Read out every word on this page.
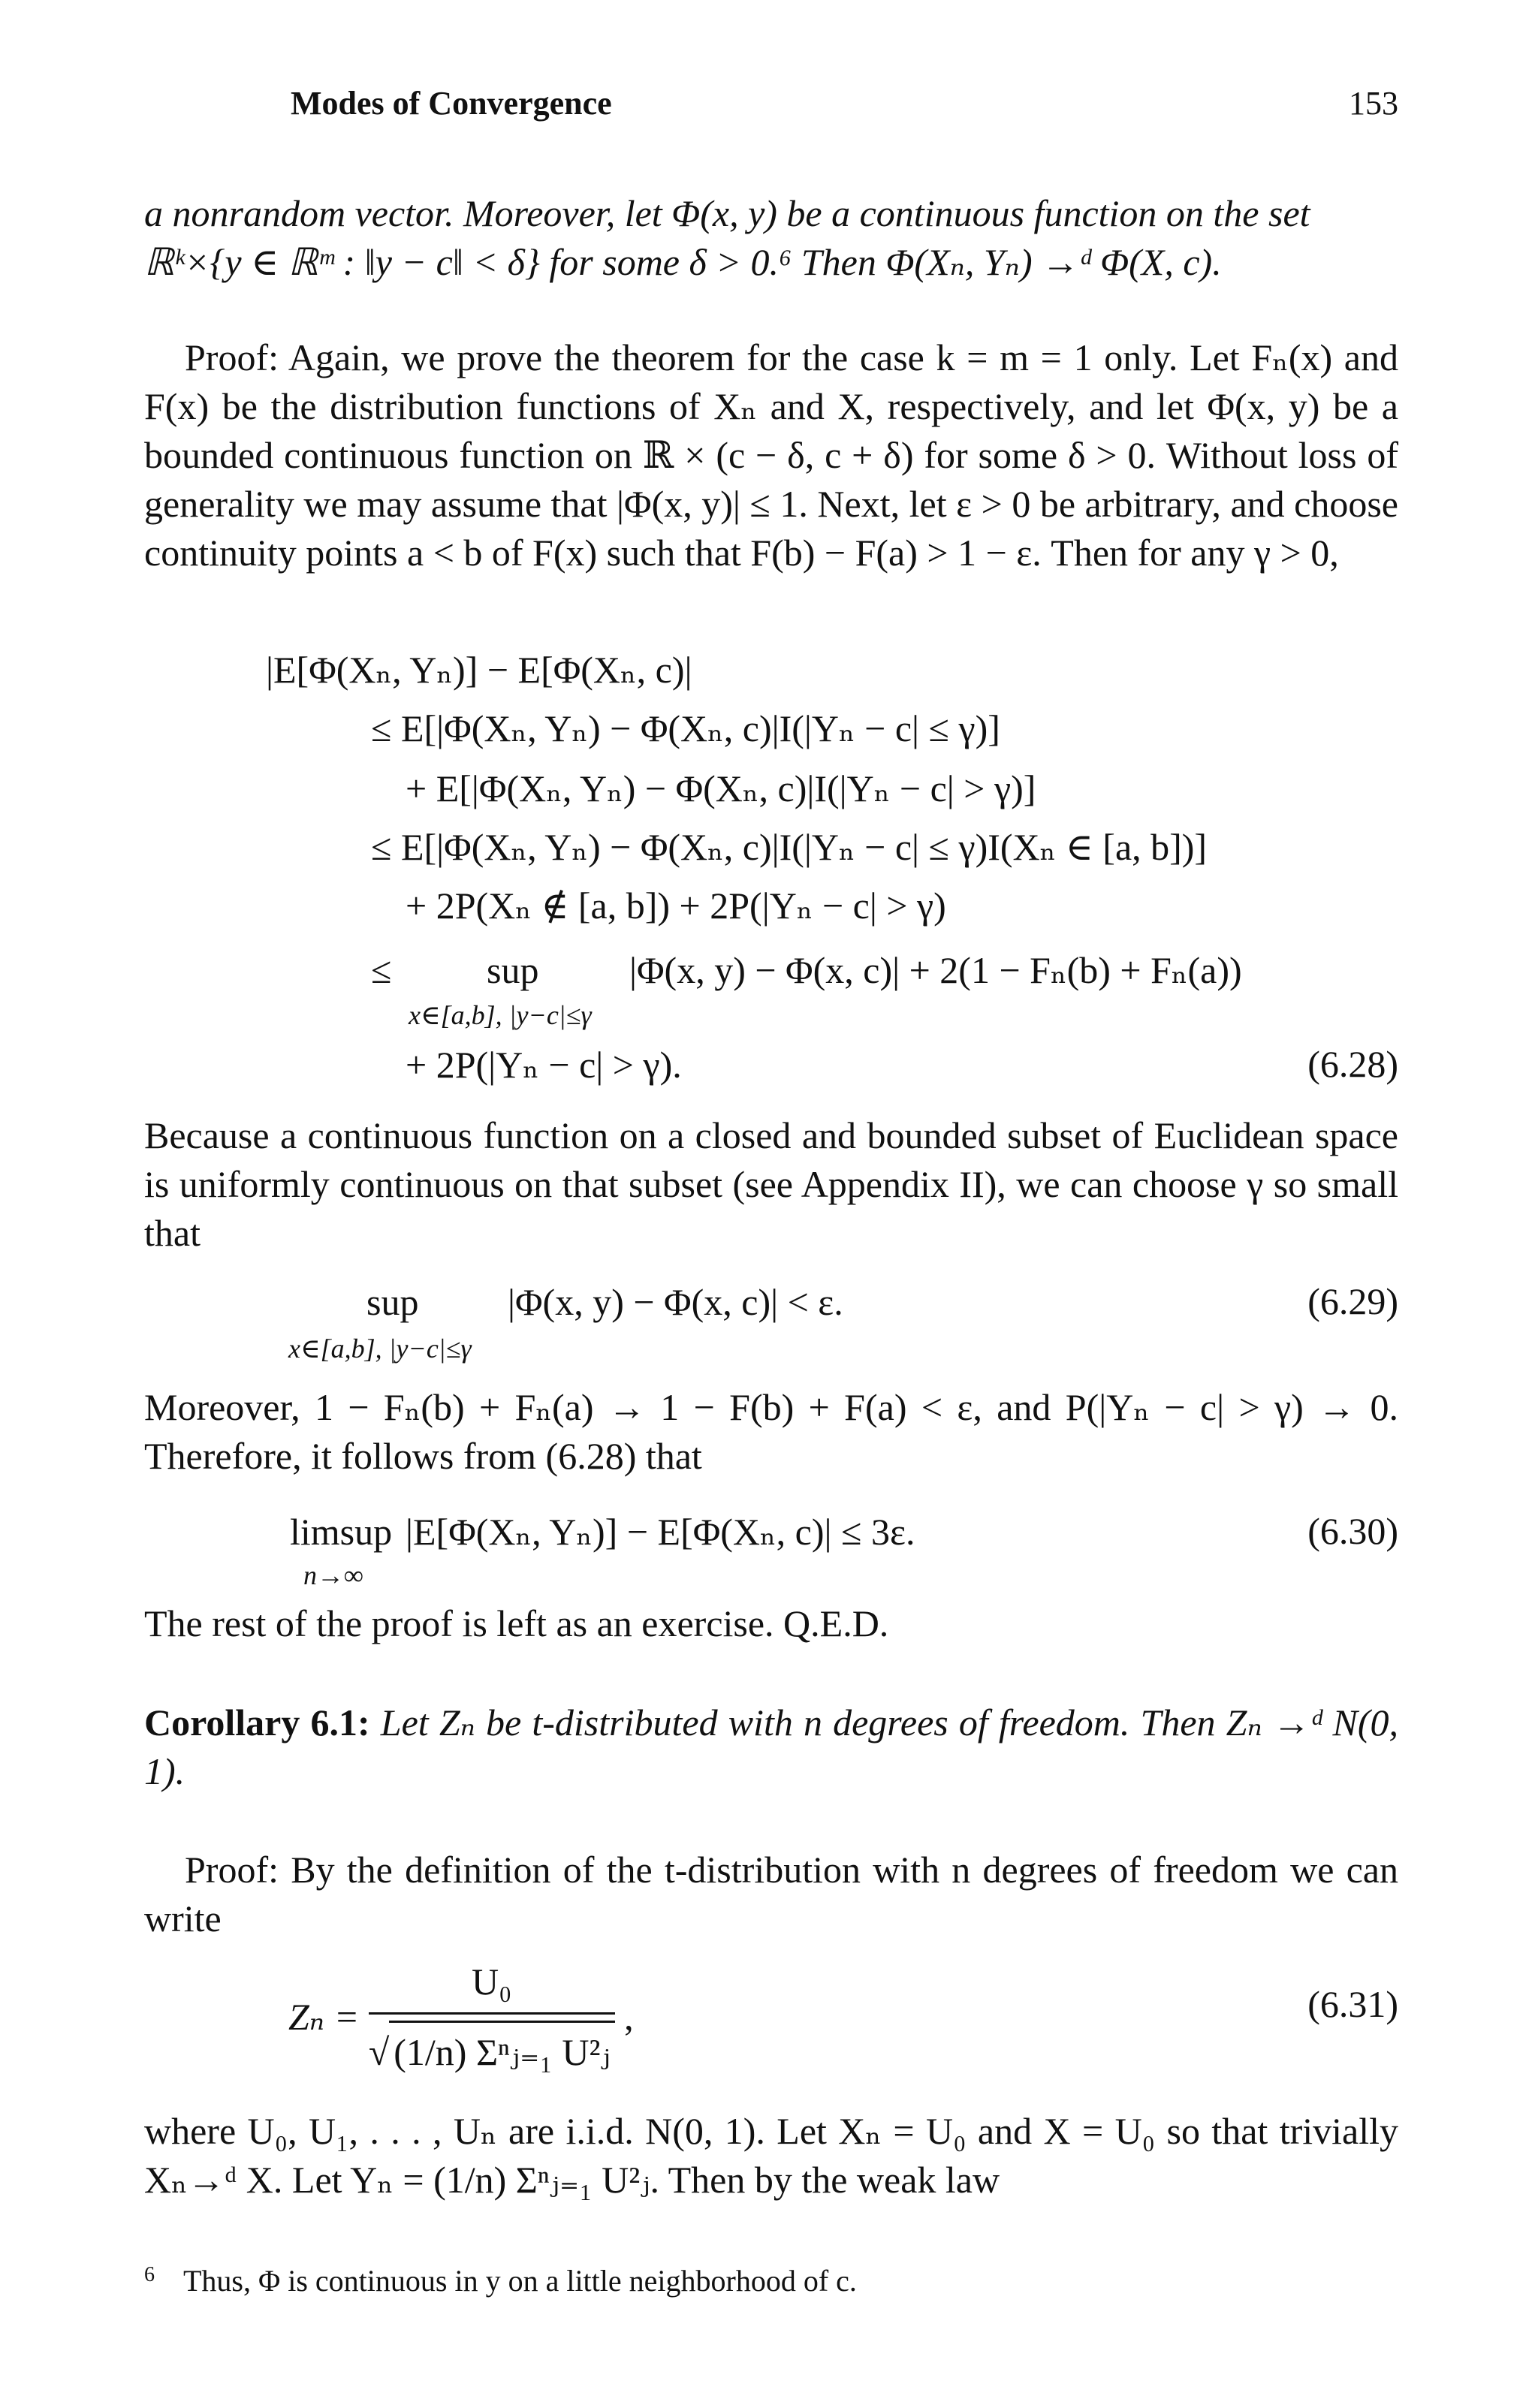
Modes of Convergence	153
a nonrandom vector. Moreover, let Φ(x, y) be a continuous function on the set
ℝᵏ×{y ∈ ℝᵐ : ‖y − c‖ < δ} for some δ > 0.⁶ Then Φ(Xₙ, Yₙ) →ᵈ Φ(X, c).
Proof: Again, we prove the theorem for the case k = m = 1 only. Let Fₙ(x) and F(x) be the distribution functions of Xₙ and X, respectively, and let Φ(x, y) be a bounded continuous function on ℝ × (c − δ, c + δ) for some δ > 0. Without loss of generality we may assume that |Φ(x, y)| ≤ 1. Next, let ε > 0 be arbitrary, and choose continuity points a < b of F(x) such that F(b) − F(a) > 1 − ε. Then for any γ > 0,
|E[Φ(Xₙ, Yₙ)] − E[Φ(Xₙ, c)|
≤ E[|Φ(Xₙ, Yₙ) − Φ(Xₙ, c)|I(|Yₙ − c| ≤ γ)]
+ E[|Φ(Xₙ, Yₙ) − Φ(Xₙ, c)|I(|Yₙ − c| > γ)]
≤ E[|Φ(Xₙ, Yₙ) − Φ(Xₙ, c)|I(|Yₙ − c| ≤ γ)I(Xₙ ∈ [a, b])]
+ 2P(Xₙ ∉ [a, b]) + 2P(|Yₙ − c| > γ)
≤	sup |Φ(x, y) − Φ(x, c)| + 2(1 − Fₙ(b) + Fₙ(a))
x∈[a,b], |y−c|≤γ
+ 2P(|Yₙ − c| > γ).	(6.28)
Because a continuous function on a closed and bounded subset of Euclidean space is uniformly continuous on that subset (see Appendix II), we can choose γ so small that
sup |Φ(x, y) − Φ(x, c)| < ε.
x∈[a,b], |y−c|≤γ
(6.29)
Moreover, 1 − Fₙ(b) + Fₙ(a) → 1 − F(b) + F(a) < ε, and P(|Yₙ − c| > γ) → 0. Therefore, it follows from (6.28) that
limsup |E[Φ(Xₙ, Yₙ)] − E[Φ(Xₙ, c)| ≤ 3ε.
n→∞
(6.30)
The rest of the proof is left as an exercise. Q.E.D.
Corollary 6.1: Let Zₙ be t-distributed with n degrees of freedom. Then Zₙ →ᵈ N(0, 1).
Proof: By the definition of the t-distribution with n degrees of freedom we can write
$Z_n = \frac{\text{U₀}}{\text{√ (1/n) Σⁿⱼ₌₁ U²ⱼ}}$ ,	(6.31)
where U₀, U₁, . . . , Uₙ are i.i.d. N(0, 1). Let Xₙ = U₀ and X = U₀ so that trivially Xₙ→ᵈ X. Let Yₙ = (1/n) Σⁿⱼ₌₁ U²ⱼ. Then by the weak law
$^6$ Thus, Φ is continuous in y on a little neighborhood of c.
